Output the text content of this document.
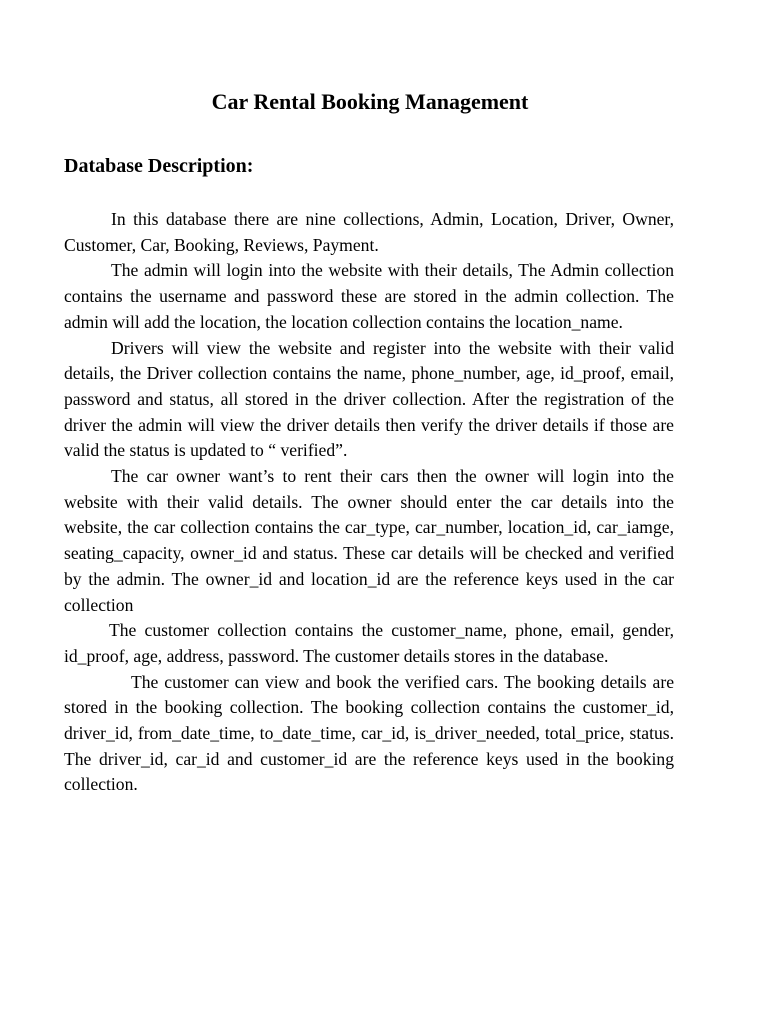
Car Rental Booking Management
Database Description:

In this database there are nine collections, Admin, Location, Driver, Owner, Customer, Car, Booking, Reviews, Payment.

The admin will login into the website with their details, The Admin collection contains the username and password these are stored in the admin collection. The admin will add the location, the location collection contains the location_name.

Drivers will view the website and register into the website with their valid details, the Driver collection contains the name, phone_number, age, id_proof, email, password and status, all stored in the driver collection. After the registration of the driver the admin will view the driver details then verify the driver details if those are valid the status is updated to “ verified”.

The car owner want’s to rent their cars then the owner will login into the website with their valid details. The owner should enter the car details into the website, the car collection contains the car_type, car_number, location_id, car_iamge, seating_capacity, owner_id and status. These car details will be checked and verified by the admin. The owner_id and location_id are the reference keys used in the car collection

The customer collection contains the customer_name, phone, email, gender, id_proof, age, address, password. The customer details stores in the database.

The customer can view and book the verified cars. The booking details are stored in the booking collection. The booking collection contains the customer_id, driver_id, from_date_time, to_date_time, car_id, is_driver_needed, total_price, status. The driver_id, car_id and customer_id are the reference keys used in the booking collection.
